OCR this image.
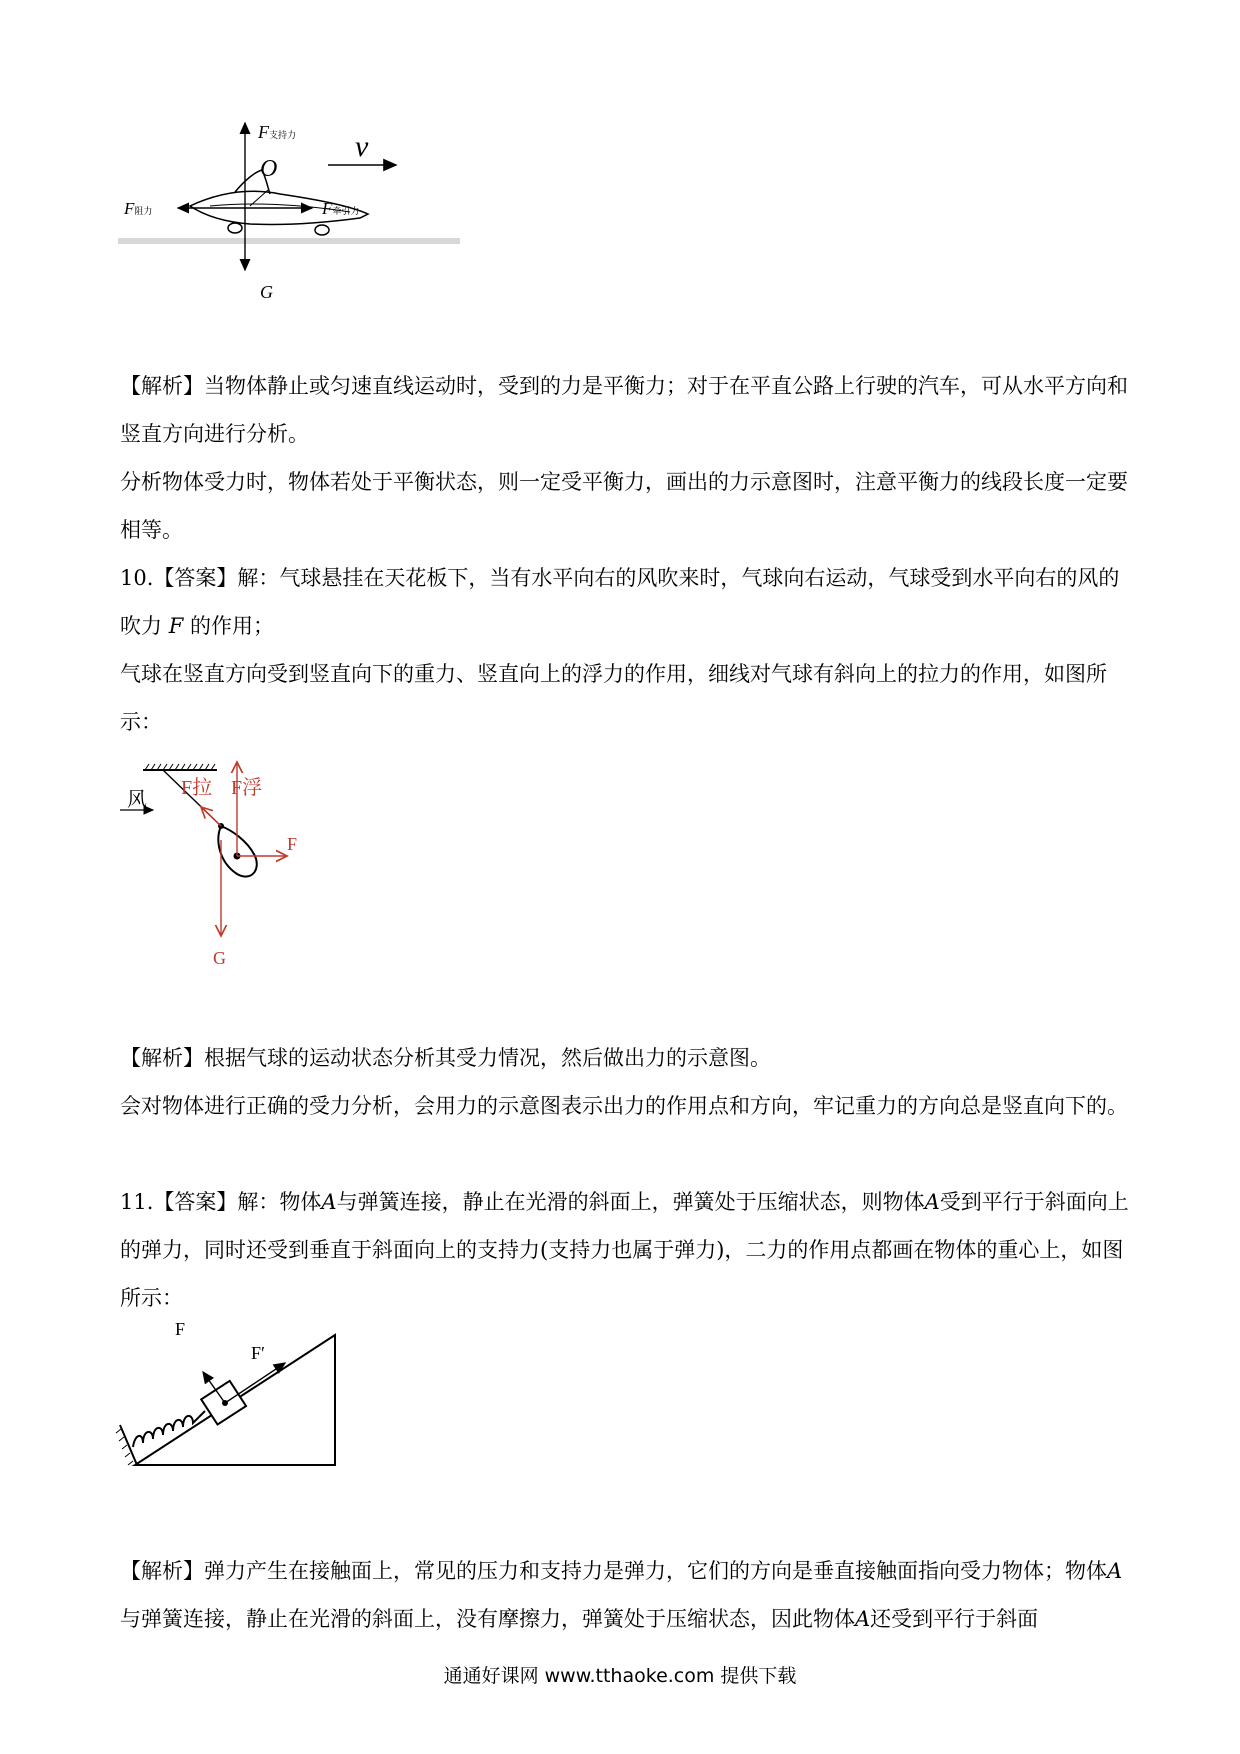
F支持力
O
v
F阻力	F牵引力
G

【解析】当物体静止或匀速直线运动时，受到的力是平衡力；对于在平直公路上行驶的汽车，可从水平方向和竖直方向进行分析。

分析物体受力时，物体若处于平衡状态，则一定受平衡力，画出的力示意图时，注意平衡力的线段长度一定要相等。

10.【答案】解：气球悬挂在天花板下，当有水平向右的风吹来时，气球向右运动，气球受到水平向右的风的吹力 F 的作用；

气球在竖直方向受到竖直向下的重力、竖直向上的浮力的作用，细线对气球有斜向上的拉力的作用，如图所示：

风
F拉 F浮
F
G

【解析】根据气球的运动状态分析其受力情况，然后做出力的示意图。

会对物体进行正确的受力分析，会用力的示意图表示出力的作用点和方向，牢记重力的方向总是竖直向下的。

11.【答案】解：物体A与弹簧连接，静止在光滑的斜面上，弹簧处于压缩状态，则物体A受到平行于斜面向上的弹力，同时还受到垂直于斜面向上的支持力(支持力也属于弹力)，二力的作用点都画在物体的重心上，如图所示：

F
F′

【解析】弹力产生在接触面上，常见的压力和支持力是弹力，它们的方向是垂直接触面指向受力物体；物体A与弹簧连接，静止在光滑的斜面上，没有摩擦力，弹簧处于压缩状态，因此物体A还受到平行于斜面

通通好课网 www.tthaoke.com 提供下载
